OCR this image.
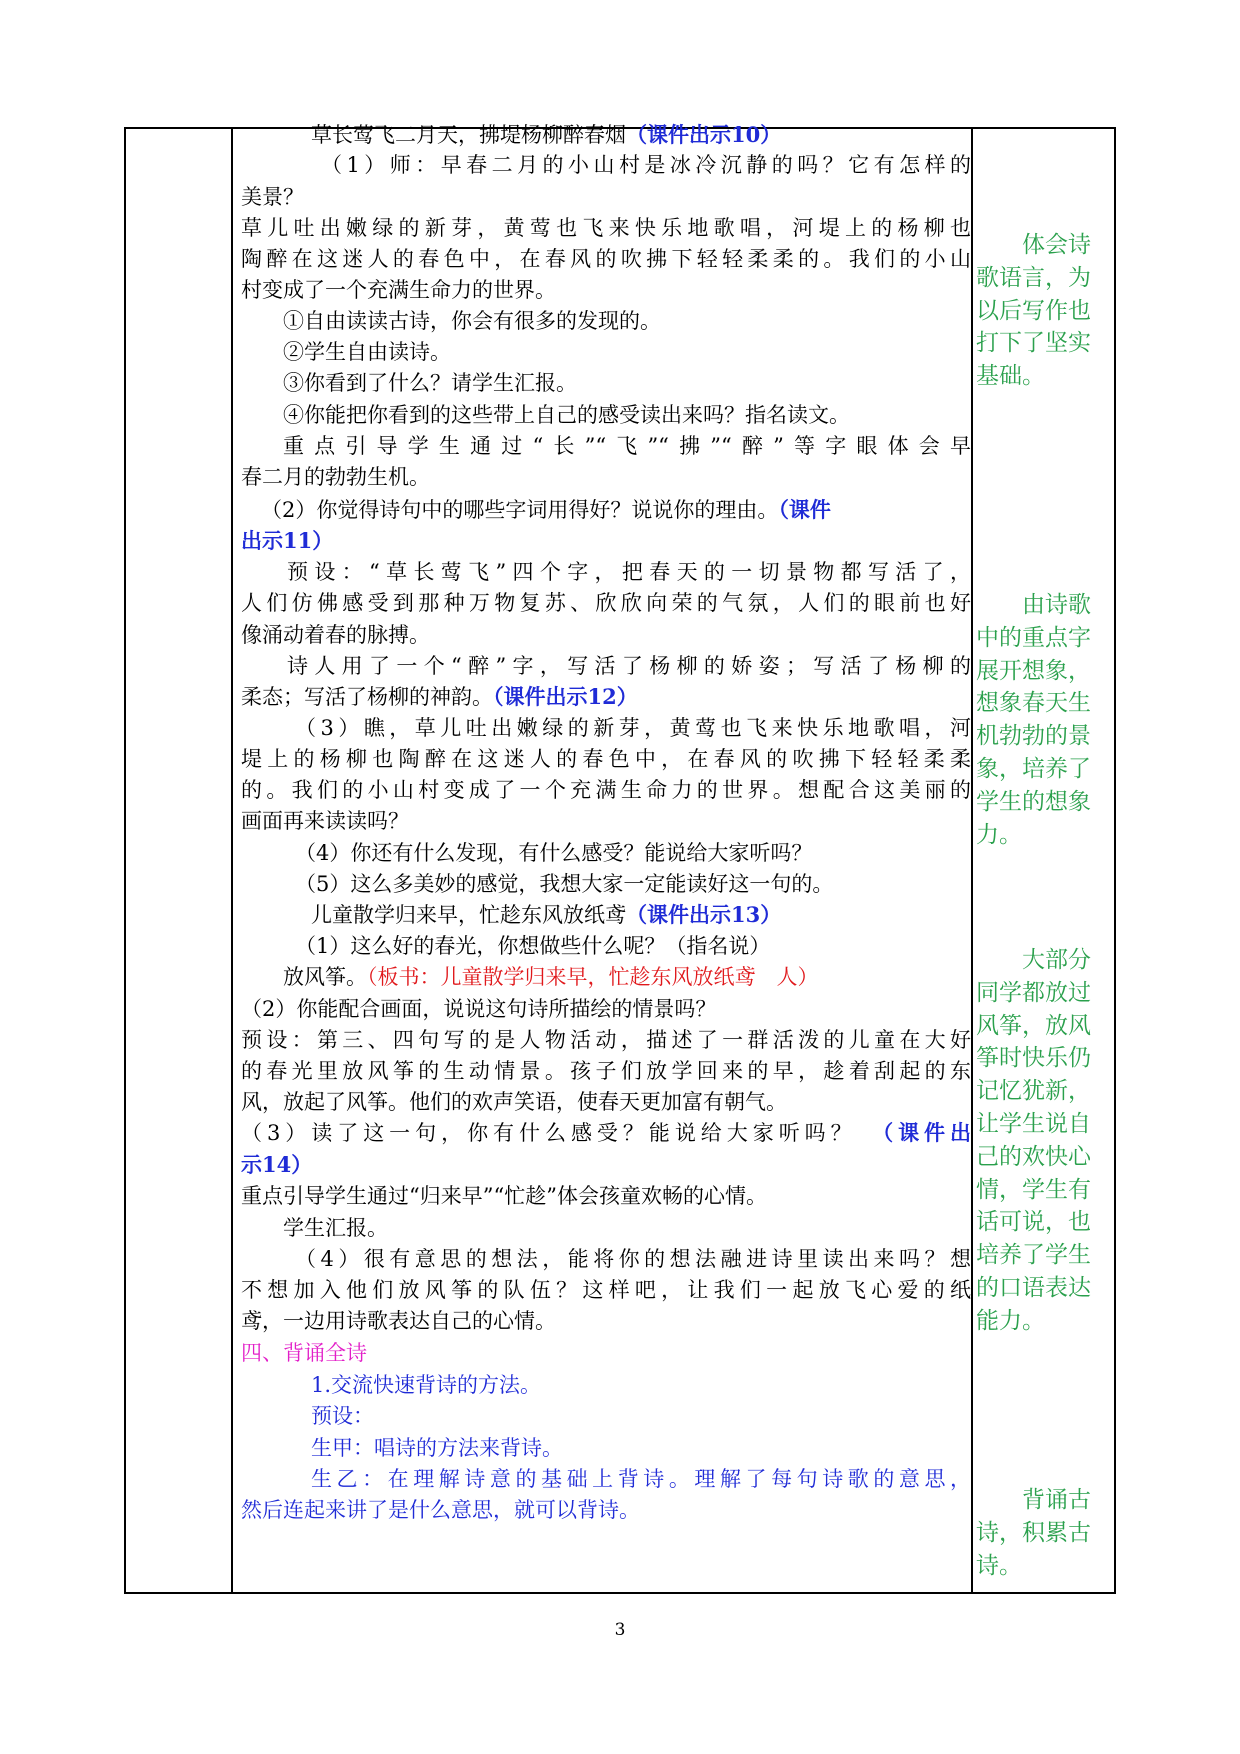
草长莺飞二月天，拂堤杨柳醉春烟（课件出示10）
（1）师：早春二月的小山村是冰冷沉静的吗？它有怎样的
美景？
草儿吐出嫩绿的新芽，黄莺也飞来快乐地歌唱，河堤上的杨柳也
陶醉在这迷人的春色中，在春风的吹拂下轻轻柔柔的。我们的小山
村变成了一个充满生命力的世界。
①自由读读古诗，你会有很多的发现的。
②学生自由读诗。
③你看到了什么？请学生汇报。
④你能把你看到的这些带上自己的感受读出来吗？指名读文。
重点引导学生通过“长”“飞”“拂”“醉”等字眼体会早
春二月的勃勃生机。
（2）你觉得诗句中的哪些字词用得好？说说你的理由。（课件
出示11）
预设：“草长莺飞”四个字，把春天的一切景物都写活了，
人们仿佛感受到那种万物复苏、欣欣向荣的气氛，人们的眼前也好
像涌动着春的脉搏。
诗人用了一个“醉”字，写活了杨柳的娇姿；写活了杨柳的
柔态；写活了杨柳的神韵。（课件出示12）
（3）瞧，草儿吐出嫩绿的新芽，黄莺也飞来快乐地歌唱，河
堤上的杨柳也陶醉在这迷人的春色中，在春风的吹拂下轻轻柔柔
的。我们的小山村变成了一个充满生命力的世界。想配合这美丽的
画面再来读读吗？
（4）你还有什么发现，有什么感受？能说给大家听吗？
（5）这么多美妙的感觉，我想大家一定能读好这一句的。
儿童散学归来早，忙趁东风放纸鸢（课件出示13）
（1）这么好的春光，你想做些什么呢？（指名说）
放风筝。（板书：儿童散学归来早，忙趁东风放纸鸢　人）
（2）你能配合画面，说说这句诗所描绘的情景吗？
预设：第三、四句写的是人物活动，描述了一群活泼的儿童在大好
的春光里放风筝的生动情景。孩子们放学回来的早，趁着刮起的东
风，放起了风筝。他们的欢声笑语，使春天更加富有朝气。
（3）读了这一句，你有什么感受？能说给大家听吗？　（课件出
示14）
重点引导学生通过“归来早”“忙趁”体会孩童欢畅的心情。
学生汇报。
（4）很有意思的想法，能将你的想法融进诗里读出来吗？想
不想加入他们放风筝的队伍？这样吧，让我们一起放飞心爱的纸
鸢，一边用诗歌表达自己的心情。
四、背诵全诗
1.交流快速背诗的方法。
预设：
生甲：唱诗的方法来背诗。
生乙：在理解诗意的基础上背诗。理解了每句诗歌的意思，
然后连起来讲了是什么意思，就可以背诗。
体会诗
歌语言，为
以后写作也
打下了坚实
基础。
由诗歌
中的重点字
展开想象，
想象春天生
机勃勃的景
象，培养了
学生的想象
力。
大部分
同学都放过
风筝，放风
筝时快乐仍
记忆犹新，
让学生说自
己的欢快心
情，学生有
话可说，也
培养了学生
的口语表达
能力。
背诵古
诗，积累古
诗。
3
